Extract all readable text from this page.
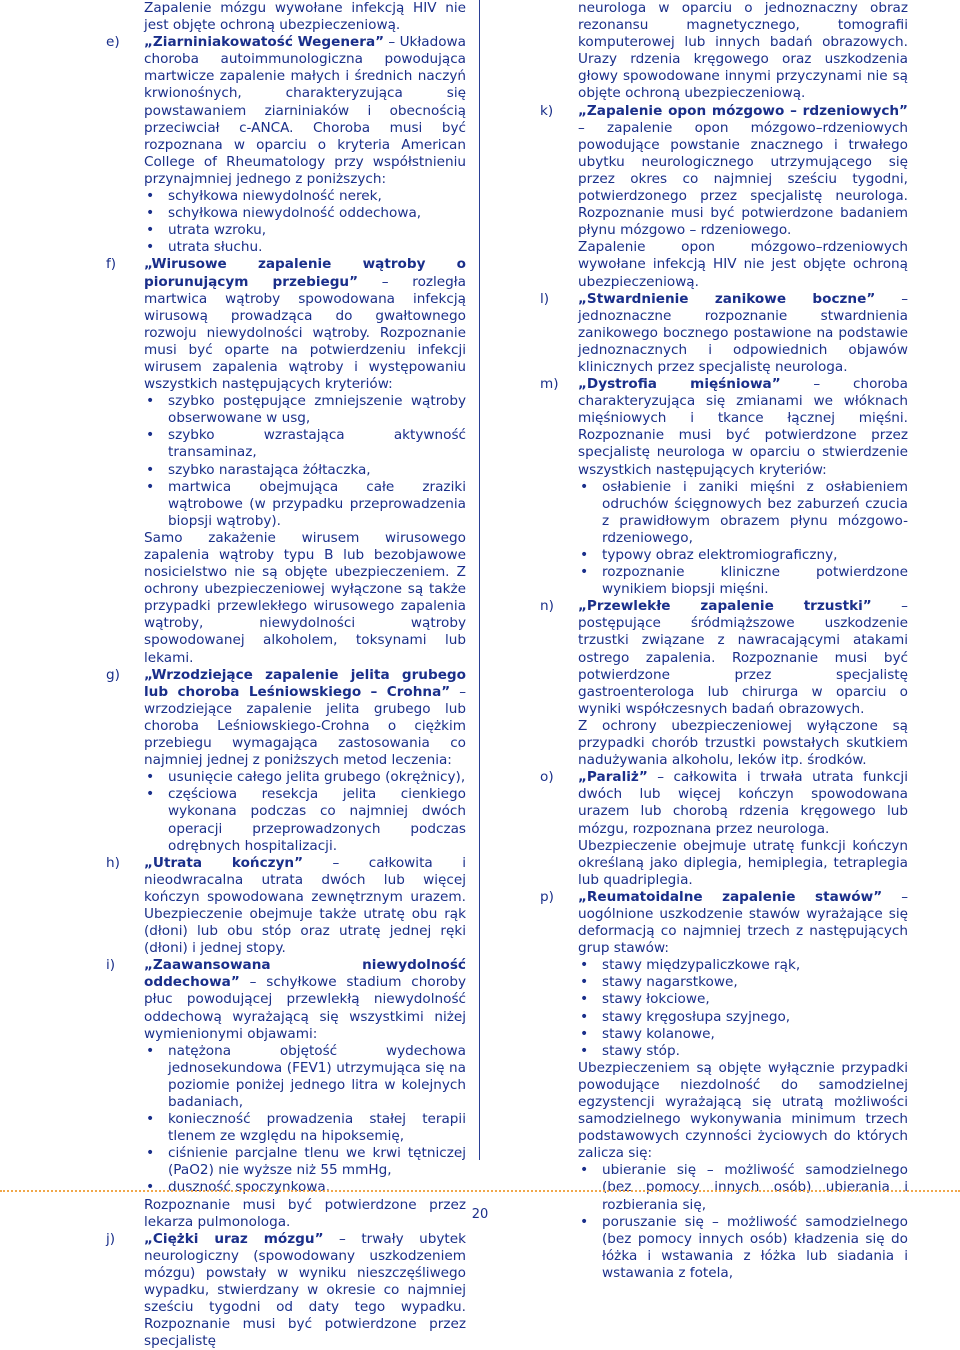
Zapalenie mózgu wywołane infekcją HIV nie jest objęte ochroną ubezpieczeniową.

e) „Ziarniniakowatość Wegenera” – Układowa choroba autoimmunologiczna powodująca martwicze zapalenie małych i średnich naczyń krwionośnych, charakteryzująca się powstawaniem ziarniniaków i obecnością przeciwciał c-ANCA. Choroba musi być rozpoznana w oparciu o kryteria American College of Rheumatology przy współstnieniu przynajmniej jednego z poniższych:

• schyłkowa niewydolność nerek,
• schyłkowa niewydolność oddechowa,
• utrata wzroku,
• utrata słuchu.
f) „Wirusowe zapalenie wątroby o piorunującym przebiegu” – rozległa martwica wątroby spowodowana infekcją wirusową prowadząca do gwałtownego rozwoju niewydolności wątroby. Rozpoznanie musi być oparte na potwierdzeniu infekcji wirusem zapalenia wątroby i występowaniu wszystkich następujących kryteriów:

• szybko postępujące zmniejszenie wątroby obserwowane w usg,
• szybko wzrastająca aktywność transaminaz,
• szybko narastająca żółtaczka,
• martwica obejmująca całe zraziki wątrobowe (w przypadku przeprowadzenia biopsji wątroby).

Samo zakażenie wirusem wirusowego zapalenia wątroby typu B lub bezobjawowe nosicielstwo nie są objęte ubezpieczeniem. Z ochrony ubezpieczeniowej wyłączone są także przypadki przewlekłego wirusowego zapalenia wątroby, niewydolności wątroby spowodowanej alkoholem, toksynami lub lekami.

g) „Wrzodziejące zapalenie jelita grubego lub choroba Leśniowskiego – Crohna” – wrzodziejące zapalenie jelita grubego lub choroba Leśniowskiego-Crohna o ciężkim przebiegu wymagająca zastosowania co najmniej jednej z poniższych metod leczenia:

• usunięcie całego jelita grubego (okrężnicy),
• częściowa resekcja jelita cienkiego wykonana podczas co najmniej dwóch operacji przeprowadzonych podczas odrębnych hospitalizacji.
h) „Utrata kończyn” – całkowita i nieodwracalna utrata dwóch lub więcej kończyn spowodowana zewnętrznym urazem. Ubezpieczenie obejmuje także utratę obu rąk (dłoni) lub obu stóp oraz utratę jednej ręki (dłoni) i jednej stopy.

i) „Zaawansowana niewydolność oddechowa” – schyłkowe stadium choroby płuc powodującej przewlekłą niewydolność oddechową wyrażającą się wszystkimi niżej wymienionymi objawami:

• natężona objętość wydechowa jednosekundowa (FEV1) utrzymująca się na poziomie poniżej jednego litra w kolejnych badaniach,
• konieczność prowadzenia stałej terapii tlenem ze względu na hipoksemię,
• ciśnienie parcjalne tlenu we krwi tętniczej (PaO2) nie wyższe niż 55 mmHg,
• duszność spoczynkowa.

Rozpoznanie musi być potwierdzone przez lekarza pulmonologa.

j) „Ciężki uraz mózgu” – trwały ubytek neurologiczny (spowodowany uszkodzeniem mózgu) powstały w wyniku nieszczęśliwego wypadku, stwierdzany w okresie co najmniej sześciu tygodni od daty tego wypadku. Rozpoznanie musi być potwierdzone przez specjalistę

neurologa w oparciu o jednoznaczny obraz rezonansu magnetycznego, tomografii komputerowej lub innych badań obrazowych. Urazy rdzenia kręgowego oraz uszkodzenia głowy spowodowane innymi przyczynami nie są objęte ochroną ubezpieczeniową.

k) „Zapalenie opon mózgowo – rdzeniowych” – zapalenie opon mózgowo–rdzeniowych powodujące powstanie znacznego i trwałego ubytku neurologicznego utrzymującego się przez okres co najmniej sześciu tygodni, potwierdzonego przez specjalistę neurologa. Rozpoznanie musi być potwierdzone badaniem płynu mózgowo – rdzeniowego.

Zapalenie opon mózgowo–rdzeniowych wywołane infekcją HIV nie jest objęte ochroną ubezpieczeniową.

l) „Stwardnienie zanikowe boczne” – jednoznaczne rozpoznanie stwardnienia zanikowego bocznego postawione na podstawie jednoznacznych i odpowiednich objawów klinicznych przez specjalistę neurologa.

m) „Dystrofia mięśniowa” – choroba charakteryzująca się zmianami we włóknach mięśniowych i tkance łącznej mięśni. Rozpoznanie musi być potwierdzone przez specjalistę neurologa w oparciu o stwierdzenie wszystkich następujących kryteriów:

• osłabienie i zaniki mięśni z osłabieniem odruchów ścięgnowych bez zaburzeń czucia z prawidłowym obrazem płynu mózgowo-rdzeniowego,
• typowy obraz elektromiograficzny,
• rozpoznanie kliniczne potwierdzone wynikiem biopsji mięśni.
n) „Przewlekłe zapalenie trzustki” – postępujące śródmiąższowe uszkodzenie trzustki związane z nawracającymi atakami ostrego zapalenia. Rozpoznanie musi być potwierdzone przez specjalistę gastroenterologa lub chirurga w oparciu o wyniki współczesnych badań obrazowych.

Z ochrony ubezpieczeniowej wyłączone są przypadki chorób trzustki powstałych skutkiem nadużywania alkoholu, leków itp. środków.

o) „Paraliż” – całkowita i trwała utrata funkcji dwóch lub więcej kończyn spowodowana urazem lub chorobą rdzenia kręgowego lub mózgu, rozpoznana przez neurologa.

Ubezpieczenie obejmuje utratę funkcji kończyn określaną jako diplegia, hemiplegia, tetraplegia lub quadriplegia.

p) „Reumatoidalne zapalenie stawów” – uogólnione uszkodzenie stawów wyrażające się deformacją co najmniej trzech z następujących grup stawów:

• stawy międzypaliczkowe rąk,
• stawy nagarstkowe,
• stawy łokciowe,
• stawy kręgosłupa szyjnego,
• stawy kolanowe,
• stawy stóp.

Ubezpieczeniem są objęte wyłącznie przypadki powodujące niezdolność do samodzielnej egzystencji wyrażającą się utratą możliwości samodzielnego wykonywania minimum trzech podstawowych czynności życiowych do których zalicza się:

• ubieranie się – możliwość samodzielnego (bez pomocy innych osób) ubierania i rozbierania się,
• poruszanie się – możliwość samodzielnego (bez pomocy innych osób) kładzenia się do łóżka i wstawania z łóżka lub siadania i wstawania z fotela,
20
